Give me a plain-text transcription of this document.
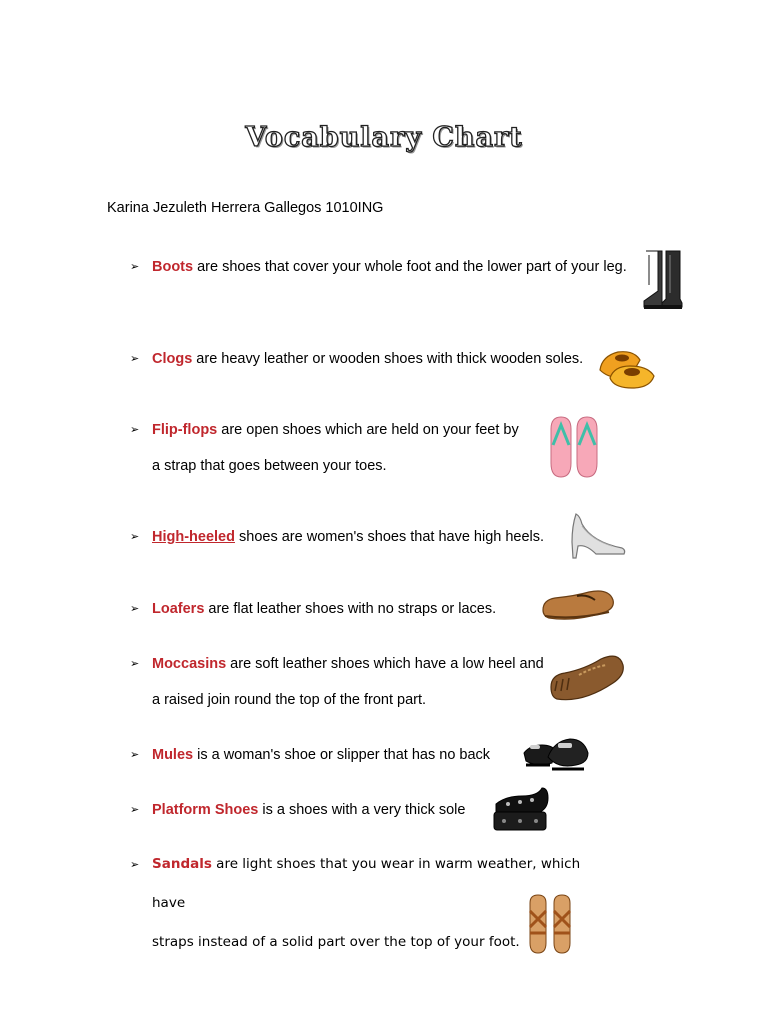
Vocabulary Chart
Karina Jezuleth Herrera Gallegos 1010ING
➢ Boots are shoes that cover your whole foot and the lower part of your leg.
➢ Clogs are heavy leather or wooden shoes with thick wooden soles.
➢ Flip-flops are open shoes which are held on your feet by
a strap that goes between your toes.
➢ High-heeled shoes are women's shoes that have high heels.
➢ Loafers are flat leather shoes with no straps or laces.
➢ Moccasins are soft leather shoes which have a low heel and
a raised join round the top of the front part.
➢ Mules is a woman's shoe or slipper that has no back
➢ Platform Shoes is a shoes with a very thick sole
➢ Sandals are light shoes that you wear in warm weather, which have
straps instead of a solid part over the top of your foot.
